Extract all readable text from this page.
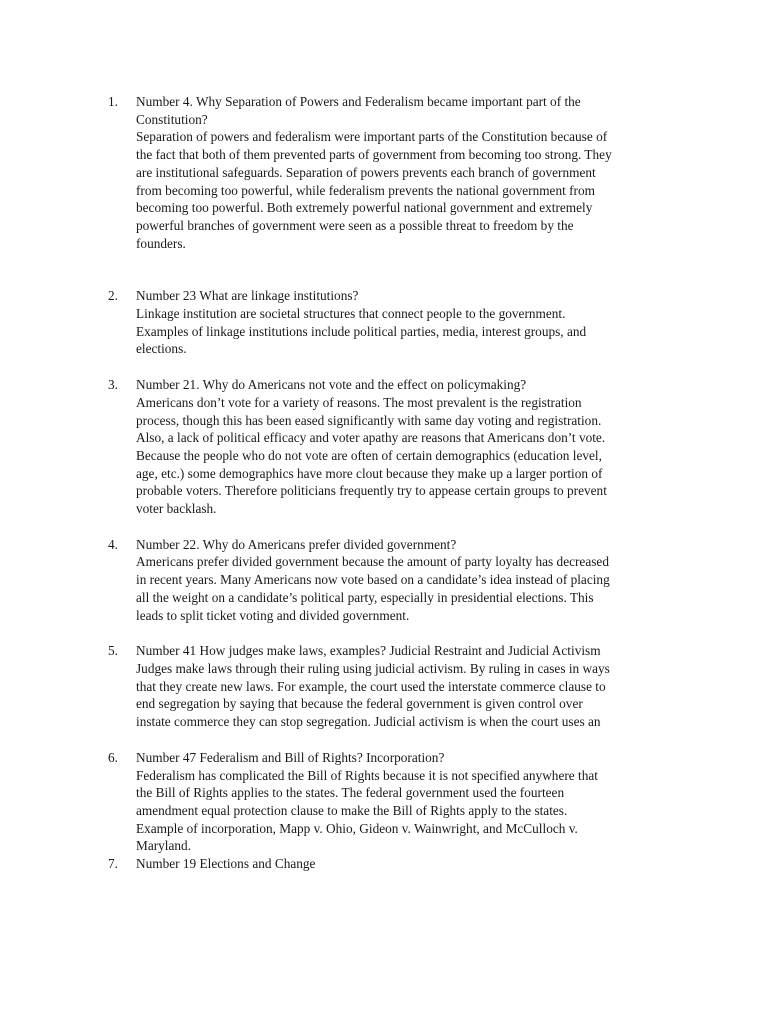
1. Number 4. Why Separation of Powers and Federalism became important part of the
Constitution?
Separation of powers and federalism were important parts of the Constitution because of
the fact that both of them prevented parts of government from becoming too strong. They
are institutional safeguards. Separation of powers prevents each branch of government
from becoming too powerful, while federalism prevents the national government from
becoming too powerful. Both extremely powerful national government and extremely
powerful branches of government were seen as a possible threat to freedom by the
founders.
2. Number 23 What are linkage institutions?
Linkage institution are societal structures that connect people to the government.
Examples of linkage institutions include political parties, media, interest groups, and
elections.
3. Number 21. Why do Americans not vote and the effect on policymaking?
Americans don’t vote for a variety of reasons. The most prevalent is the registration
process, though this has been eased significantly with same day voting and registration.
Also, a lack of political efficacy and voter apathy are reasons that Americans don’t vote.
Because the people who do not vote are often of certain demographics (education level,
age, etc.) some demographics have more clout because they make up a larger portion of
probable voters. Therefore politicians frequently try to appease certain groups to prevent
voter backlash.
4. Number 22. Why do Americans prefer divided government?
Americans prefer divided government because the amount of party loyalty has decreased
in recent years. Many Americans now vote based on a candidate’s idea instead of placing
all the weight on a candidate’s political party, especially in presidential elections. This
leads to split ticket voting and divided government.
5. Number 41 How judges make laws, examples? Judicial Restraint and Judicial Activism
Judges make laws through their ruling using judicial activism. By ruling in cases in ways
that they create new laws. For example, the court used the interstate commerce clause to
end segregation by saying that because the federal government is given control over
instate commerce they can stop segregation. Judicial activism is when the court uses an
6. Number 47 Federalism and Bill of Rights? Incorporation?
Federalism has complicated the Bill of Rights because it is not specified anywhere that
the Bill of Rights applies to the states. The federal government used the fourteen
amendment equal protection clause to make the Bill of Rights apply to the states.
Example of incorporation, Mapp v. Ohio, Gideon v. Wainwright, and McCulloch v.
Maryland.
7. Number 19 Elections and Change
